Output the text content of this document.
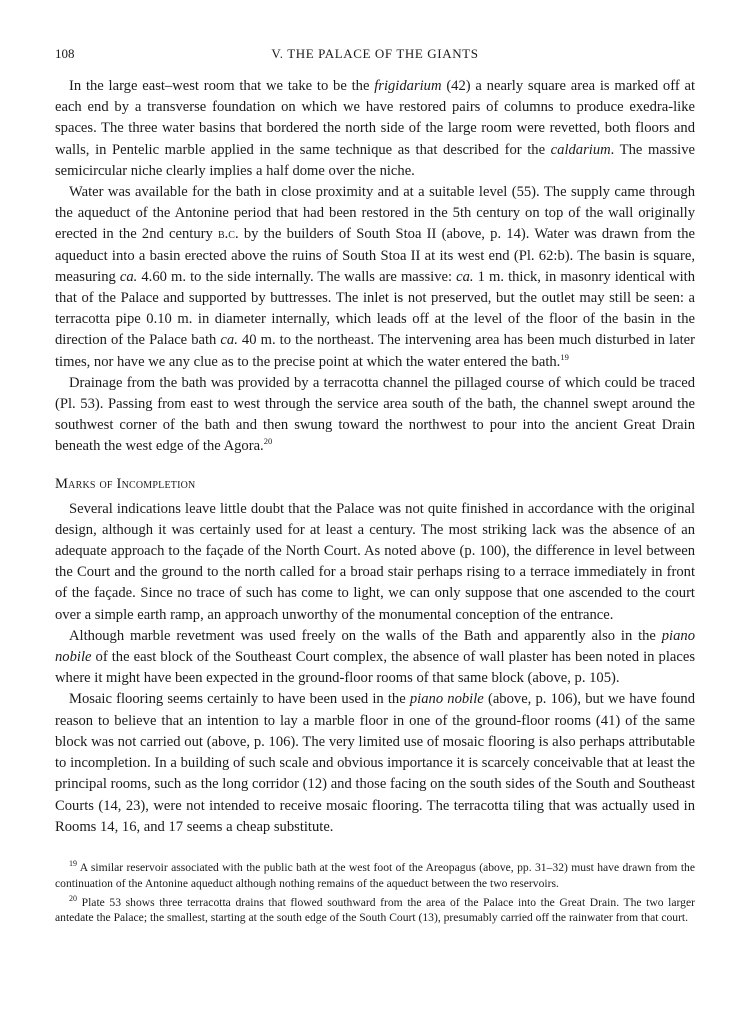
108	V. THE PALACE OF THE GIANTS

In the large east–west room that we take to be the frigidarium (42) a nearly square area is marked off at each end by a transverse foundation on which we have restored pairs of columns to produce exedra-like spaces. The three water basins that bordered the north side of the large room were revetted, both floors and walls, in Pentelic marble applied in the same technique as that described for the caldarium. The massive semicircular niche clearly implies a half dome over the niche.

Water was available for the bath in close proximity and at a suitable level (55). The supply came through the aqueduct of the Antonine period that had been restored in the 5th century on top of the wall originally erected in the 2nd century b.c. by the builders of South Stoa II (above, p. 14). Water was drawn from the aqueduct into a basin erected above the ruins of South Stoa II at its west end (Pl. 62:b). The basin is square, measuring ca. 4.60 m. to the side internally. The walls are massive: ca. 1 m. thick, in masonry identical with that of the Palace and supported by buttresses. The inlet is not preserved, but the outlet may still be seen: a terracotta pipe 0.10 m. in diameter internally, which leads off at the level of the floor of the basin in the direction of the Palace bath ca. 40 m. to the northeast. The intervening area has been much disturbed in later times, nor have we any clue as to the precise point at which the water entered the bath.$^{19}$

Drainage from the bath was provided by a terracotta channel the pillaged course of which could be traced (Pl. 53). Passing from east to west through the service area south of the bath, the channel swept around the southwest corner of the bath and then swung toward the northwest to pour into the ancient Great Drain beneath the west edge of the Agora.$^{20}$

Marks of Incompletion

Several indications leave little doubt that the Palace was not quite finished in accordance with the original design, although it was certainly used for at least a century. The most striking lack was the absence of an adequate approach to the façade of the North Court. As noted above (p. 100), the difference in level between the Court and the ground to the north called for a broad stair perhaps rising to a terrace immediately in front of the façade. Since no trace of such has come to light, we can only suppose that one ascended to the court over a simple earth ramp, an approach unworthy of the monumental conception of the entrance.

Although marble revetment was used freely on the walls of the Bath and apparently also in the piano nobile of the east block of the Southeast Court complex, the absence of wall plaster has been noted in places where it might have been expected in the ground-floor rooms of that same block (above, p. 105).

Mosaic flooring seems certainly to have been used in the piano nobile (above, p. 106), but we have found reason to believe that an intention to lay a marble floor in one of the ground-floor rooms (41) of the same block was not carried out (above, p. 106). The very limited use of mosaic flooring is also perhaps attributable to incompletion. In a building of such scale and obvious importance it is scarcely conceivable that at least the principal rooms, such as the long corridor (12) and those facing on the south sides of the South and Southeast Courts (14, 23), were not intended to receive mosaic flooring. The terracotta tiling that was actually used in Rooms 14, 16, and 17 seems a cheap substitute.

$^{19}$ A similar reservoir associated with the public bath at the west foot of the Areopagus (above, pp. 31–32) must have drawn from the continuation of the Antonine aqueduct although nothing remains of the aqueduct between the two reservoirs.

$^{20}$ Plate 53 shows three terracotta drains that flowed southward from the area of the Palace into the Great Drain. The two larger antedate the Palace; the smallest, starting at the south edge of the South Court (13), presumably carried off the rainwater from that court.
